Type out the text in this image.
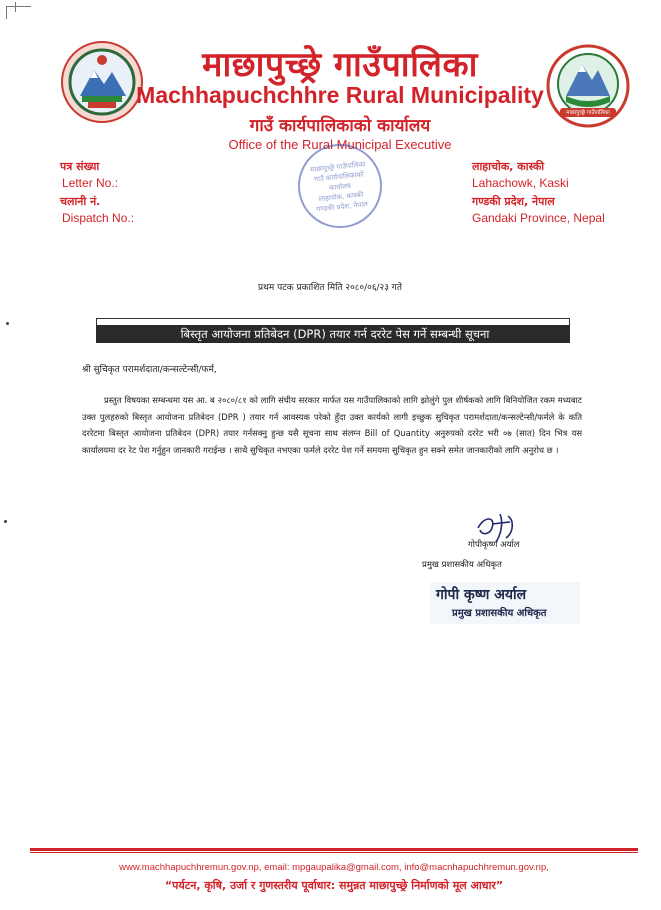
माछापुच्छ्रे गाउँपालिका
माछापुच्छ्रे गाउँपालिका
Machhapuchchhre Rural Municipality
गाउँ कार्यपालिकाको कार्यालय
Office of the Rural Municipal Executive
पत्र संख्या
Letter No.:
चलानी नं.
Dispatch No.:
लाहाचोक, कास्की
Lahachowk, Kaski
गण्डकी प्रदेश, नेपाल
Gandaki Province, Nepal
माछापुच्छ्रे गाउँपालिका
गाउँ कार्यपालिकाको कार्यालय
लाहाचोक, कास्की
गण्डकी प्रदेश, नेपाल
प्रथम पटक प्रकाशित मिति २०८०/०६/२३ गते
बिस्तृत आयोजना प्रतिबेदन (DPR) तयार गर्न दररेट पेस गर्ने सम्बन्धी सूचना
श्री सुचिकृत परामर्शदाता/कन्सल्टेन्सी/फर्म,

प्रस्तुत विषयका सम्बन्धमा यस आ. ब २०८०/८१ को लागि संघीय सरकार मार्फत यस गाउँपालिकाको लागि झोलुंगे पुल शीर्षकको लागि बिनियोजित रकम मध्यबाट उक्त पुलहरुको बिस्तृत आयोजना प्रतिबेदन (DPR ) तयार गर्न आवस्यक परेको हुँदा उक्त कार्यको लागी इच्छुक सुचिकृत परामर्शदाता/कन्सल्टेन्सी/फर्मले के कति दररेटमा बिस्तृत आयोजना प्रतिबेदन (DPR) तयार गर्नसक्नु हुन्छ यसै सूचना साथ संलग्न Bill of Quantity अनुरुपको दररेट भरी ०७ (सात) दिन भित्र यस कार्यालयमा दर रेट पेश गर्नुहुन जानकारी गराईन्छ । साथै सुचिकृत नभएका फर्मले दररेट पेश गर्ने समयमा सुचिकृत हुन सक्ने समेत जानकारीको लागि अनुरोध छ ।

गोपीकृष्ण अर्याल
प्रमुख प्रशासकीय अधिकृत
गोपी कृष्ण अर्याल
प्रमुख प्रशासकीय अधिकृत
www.machhapuchhremun.gov.np, email: mpgaupalika@gmail.com, info@macnhapuchhremun.gov.np,
“पर्यटन, कृषि, उर्जा र गुणस्तरीय पूर्वाधार: समुन्नत माछापुच्छ्रे निर्माणको मूल आधार”
